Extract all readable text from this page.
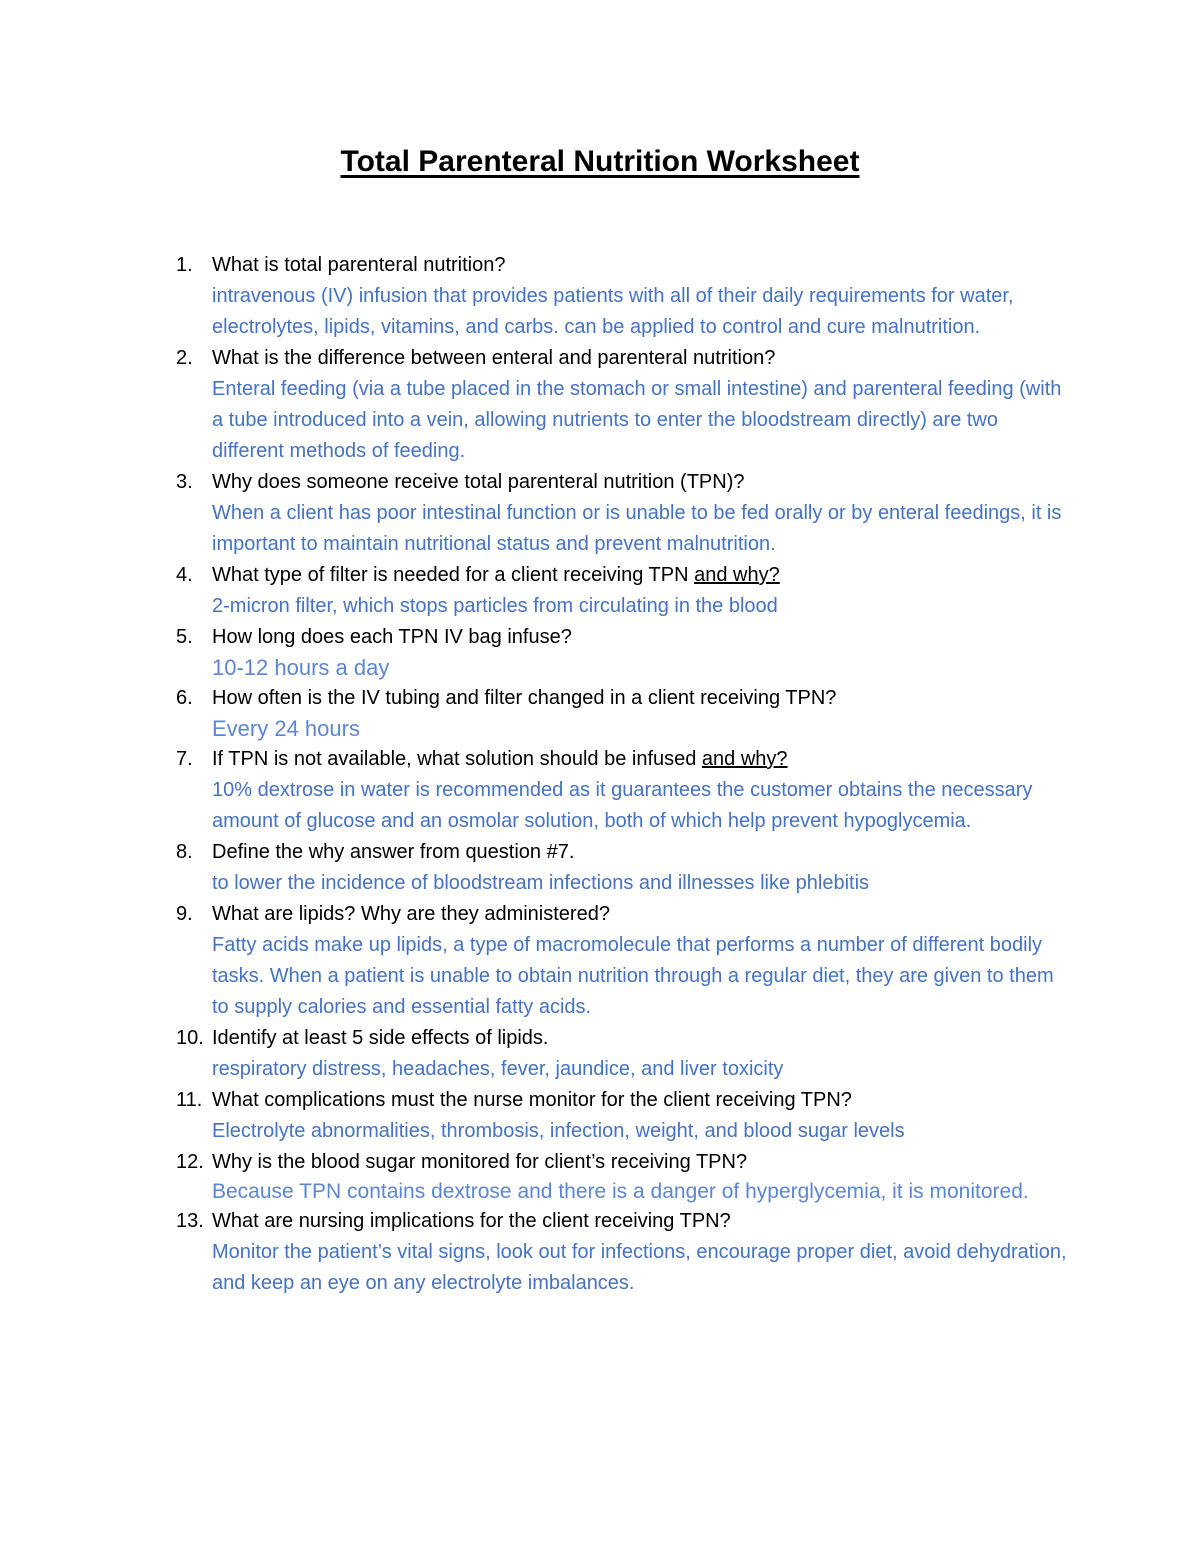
Total Parenteral Nutrition Worksheet
1. What is total parenteral nutrition?
intravenous (IV) infusion that provides patients with all of their daily requirements for water, electrolytes, lipids, vitamins, and carbs. can be applied to control and cure malnutrition.
2. What is the difference between enteral and parenteral nutrition?
Enteral feeding (via a tube placed in the stomach or small intestine) and parenteral feeding (with a tube introduced into a vein, allowing nutrients to enter the bloodstream directly) are two different methods of feeding.
3. Why does someone receive total parenteral nutrition (TPN)?
When a client has poor intestinal function or is unable to be fed orally or by enteral feedings, it is important to maintain nutritional status and prevent malnutrition.
4. What type of filter is needed for a client receiving TPN and why?
2-micron filter, which stops particles from circulating in the blood
5. How long does each TPN IV bag infuse?
10-12 hours a day
6. How often is the IV tubing and filter changed in a client receiving TPN?
Every 24 hours
7. If TPN is not available, what solution should be infused and why?
10% dextrose in water is recommended as it guarantees the customer obtains the necessary amount of glucose and an osmolar solution, both of which help prevent hypoglycemia.
8. Define the why answer from question #7.
to lower the incidence of bloodstream infections and illnesses like phlebitis
9. What are lipids? Why are they administered?
Fatty acids make up lipids, a type of macromolecule that performs a number of different bodily tasks. When a patient is unable to obtain nutrition through a regular diet, they are given to them to supply calories and essential fatty acids.
10. Identify at least 5 side effects of lipids.
respiratory distress, headaches, fever, jaundice, and liver toxicity
11. What complications must the nurse monitor for the client receiving TPN?
Electrolyte abnormalities, thrombosis, infection, weight, and blood sugar levels
12. Why is the blood sugar monitored for client’s receiving TPN?
Because TPN contains dextrose and there is a danger of hyperglycemia, it is monitored.
13. What are nursing implications for the client receiving TPN?
Monitor the patient’s vital signs, look out for infections, encourage proper diet, avoid dehydration, and keep an eye on any electrolyte imbalances.
